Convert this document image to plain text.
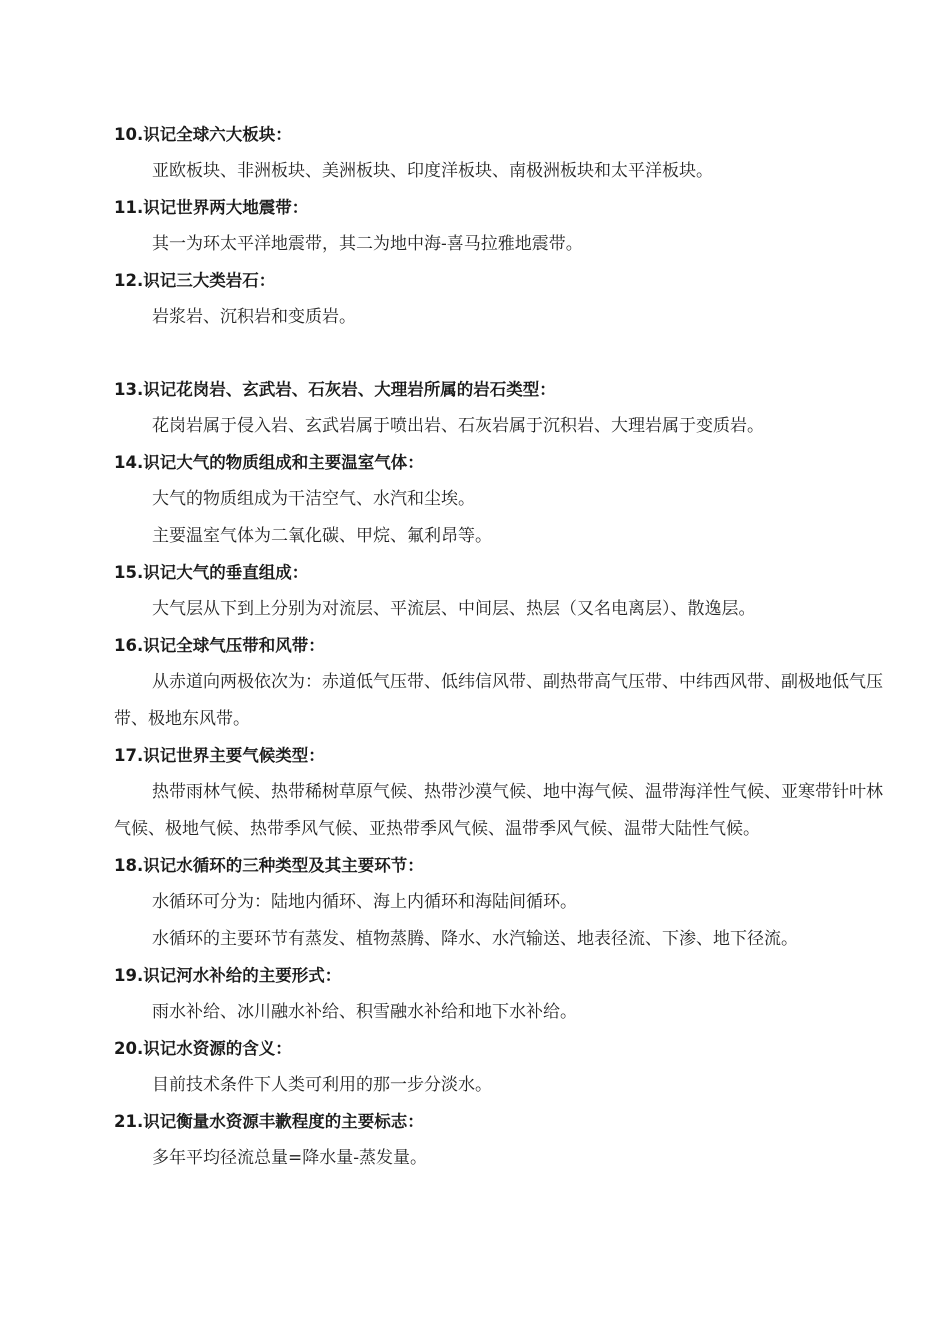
10.识记全球六大板块：

亚欧板块、非洲板块、美洲板块、印度洋板块、南极洲板块和太平洋板块。

11.识记世界两大地震带：

其一为环太平洋地震带，其二为地中海-喜马拉雅地震带。

12.识记三大类岩石：

岩浆岩、沉积岩和变质岩。

13.识记花岗岩、玄武岩、石灰岩、大理岩所属的岩石类型：

花岗岩属于侵入岩、玄武岩属于喷出岩、石灰岩属于沉积岩、大理岩属于变质岩。

14.识记大气的物质组成和主要温室气体：

大气的物质组成为干洁空气、水汽和尘埃。

主要温室气体为二氧化碳、甲烷、氟利昂等。

15.识记大气的垂直组成：

大气层从下到上分别为对流层、平流层、中间层、热层（又名电离层）、散逸层。

16.识记全球气压带和风带：

从赤道向两极依次为：赤道低气压带、低纬信风带、副热带高气压带、中纬西风带、副极地低气压带、极地东风带。

17.识记世界主要气候类型：

热带雨林气候、热带稀树草原气候、热带沙漠气候、地中海气候、温带海洋性气候、亚寒带针叶林气候、极地气候、热带季风气候、亚热带季风气候、温带季风气候、温带大陆性气候。

18.识记水循环的三种类型及其主要环节：

水循环可分为：陆地内循环、海上内循环和海陆间循环。

水循环的主要环节有蒸发、植物蒸腾、降水、水汽输送、地表径流、下渗、地下径流。

19.识记河水补给的主要形式：

雨水补给、冰川融水补给、积雪融水补给和地下水补给。

20.识记水资源的含义：

目前技术条件下人类可利用的那一步分淡水。

21.识记衡量水资源丰歉程度的主要标志：

多年平均径流总量=降水量-蒸发量。
